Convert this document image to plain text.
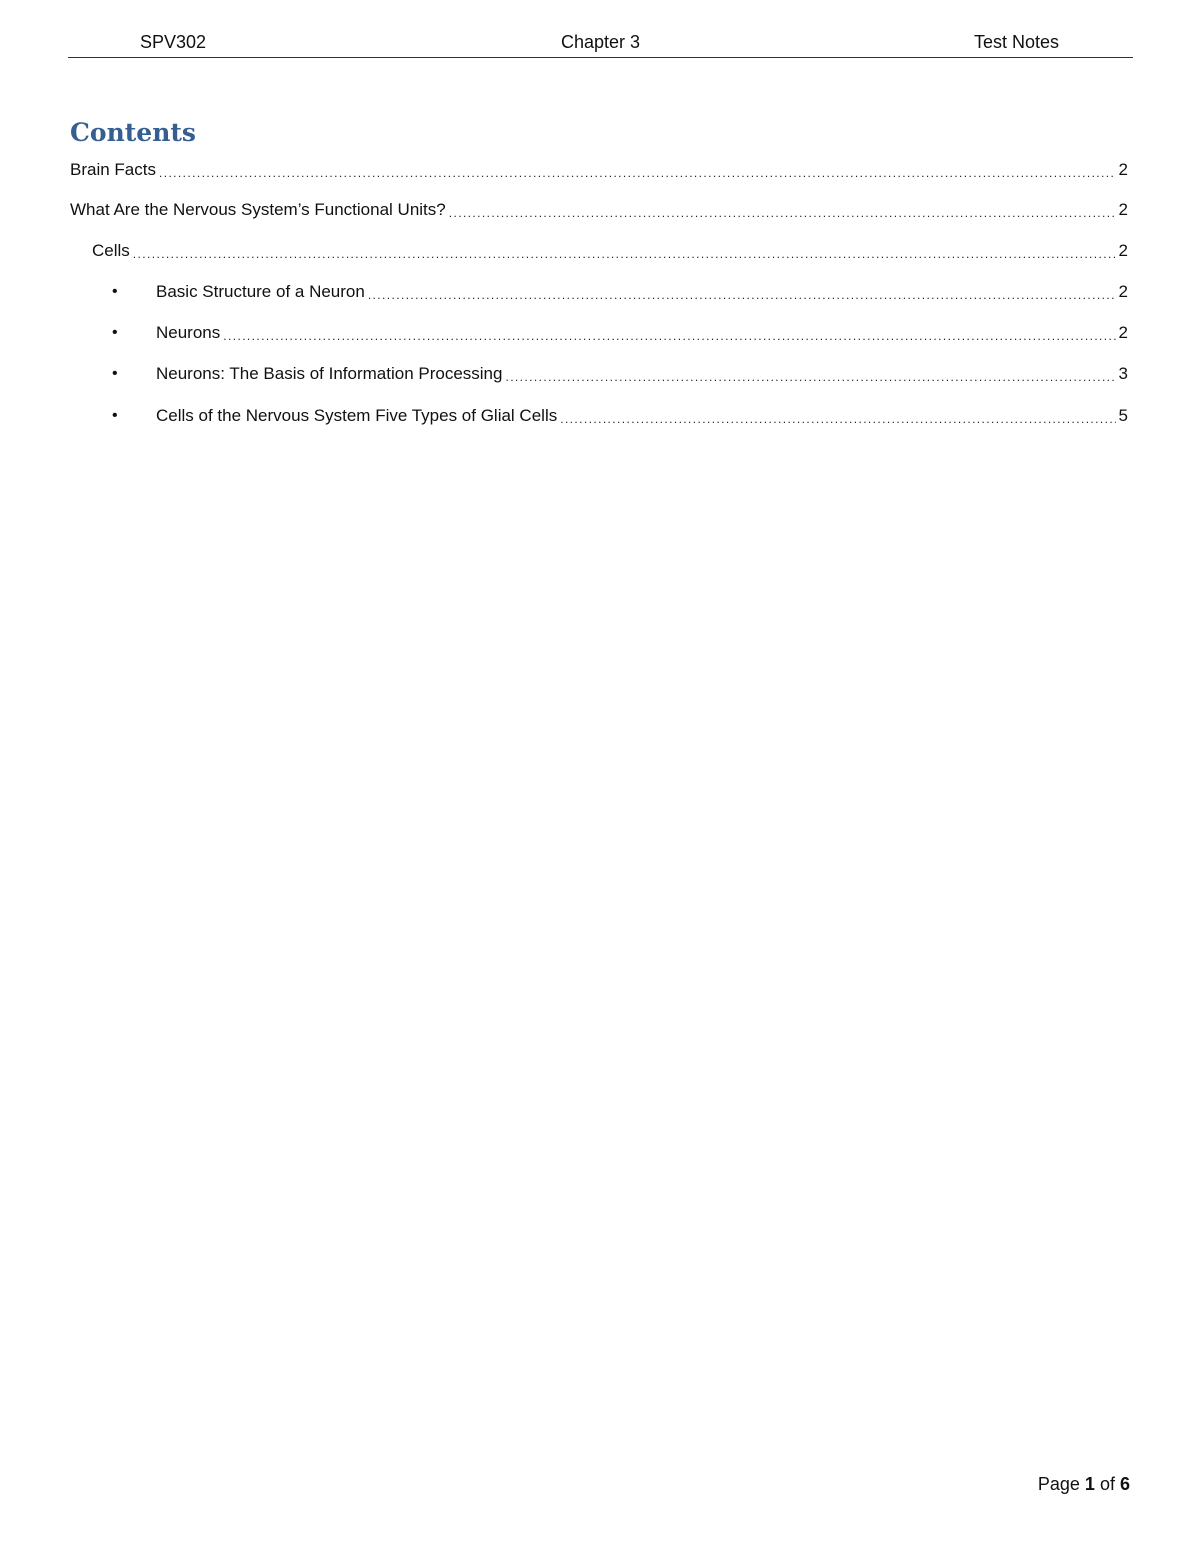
SPV302	Chapter 3	Test Notes
Contents
Brain Facts .....	2
What Are the Nervous System’s Functional Units? .....	2
Cells .....	2
•	Basic Structure of a Neuron .....	2
•	Neurons .....	2
•	Neurons: The Basis of Information Processing .....	3
•	Cells of the Nervous System Five Types of Glial Cells .....	5
Page 1 of 6
